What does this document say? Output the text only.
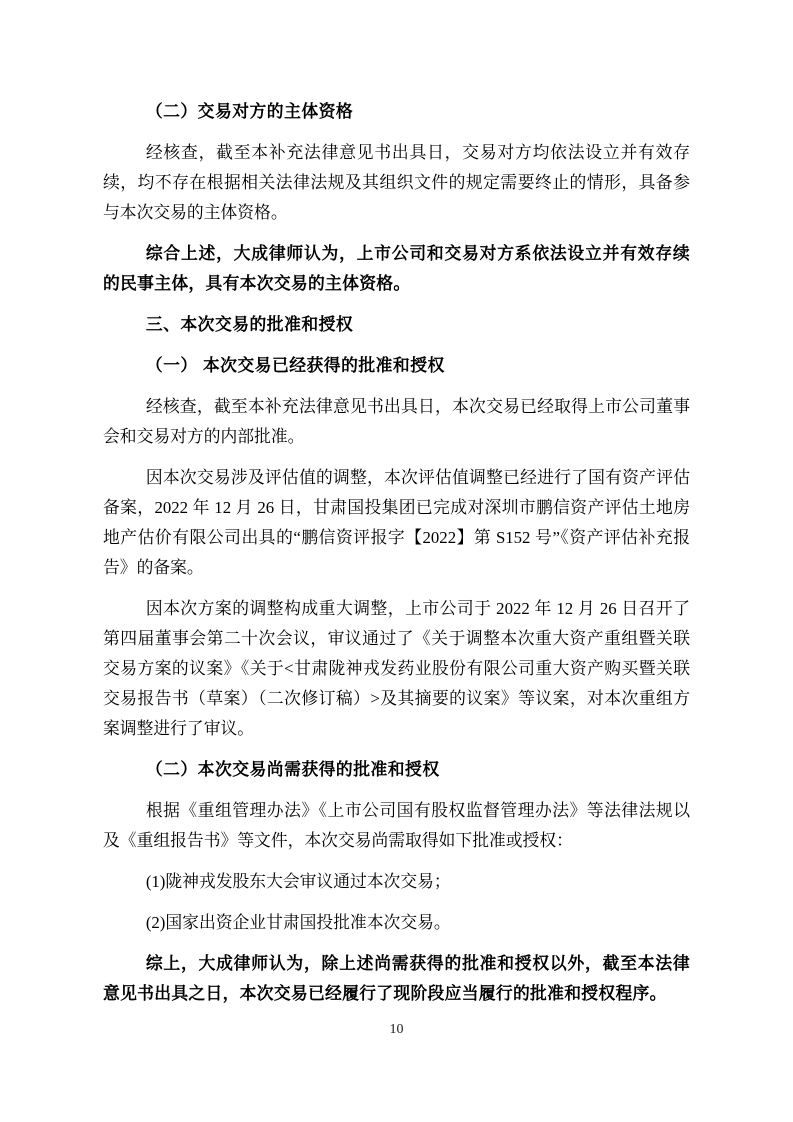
（二）交易对方的主体资格
经核查，截至本补充法律意见书出具日，交易对方均依法设立并有效存续，均不存在根据相关法律法规及其组织文件的规定需要终止的情形，具备参与本次交易的主体资格。
综合上述，大成律师认为，上市公司和交易对方系依法设立并有效存续的民事主体，具有本次交易的主体资格。
三、本次交易的批准和授权
（一） 本次交易已经获得的批准和授权
经核查，截至本补充法律意见书出具日，本次交易已经取得上市公司董事会和交易对方的内部批准。
因本次交易涉及评估值的调整，本次评估值调整已经进行了国有资产评估备案，2022 年 12 月 26 日，甘肃国投集团已完成对深圳市鹏信资产评估土地房地产估价有限公司出具的“鹏信资评报字【2022】第 S152 号”《资产评估补充报告》的备案。
因本次方案的调整构成重大调整，上市公司于 2022 年 12 月 26 日召开了第四届董事会第二十次会议，审议通过了《关于调整本次重大资产重组暨关联交易方案的议案》《关于<甘肃陇神戎发药业股份有限公司重大资产购买暨关联交易报告书（草案）（二次修订稿）>及其摘要的议案》等议案，对本次重组方案调整进行了审议。
（二）本次交易尚需获得的批准和授权
根据《重组管理办法》《上市公司国有股权监督管理办法》等法律法规以及《重组报告书》等文件，本次交易尚需取得如下批准或授权：
(1)陇神戎发股东大会审议通过本次交易；
(2)国家出资企业甘肃国投批准本次交易。
综上，大成律师认为，除上述尚需获得的批准和授权以外，截至本法律意见书出具之日，本次交易已经履行了现阶段应当履行的批准和授权程序。
10
